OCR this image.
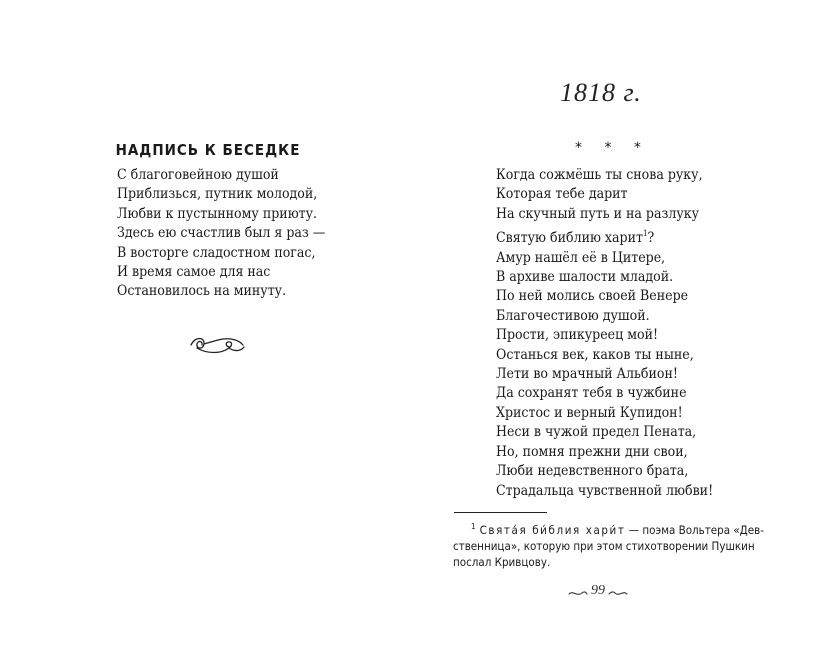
НАДПИСЬ К БЕСЕДКЕ
С благоговейною душой
Приблизься, путник молодой,
Любви к пустынному приюту.
Здесь ею счастлив был я раз —
В восторге сладостном погас,
И время самое для нас
Остановилось на минуту.
1818 г.
* * *
Когда сожмёшь ты снова руку,
Которая тебе дарит
На скучный путь и на разлуку
Святую библию харит$^1$?
Амур нашёл её в Цитере,
В архиве шалости младой.
По ней молись своей Венере
Благочестивою душой.
Прости, эпикуреец мой!
Останься век, каков ты ныне,
Лети во мрачный Альбион!
Да сохранят тебя в чужбине
Христос и верный Купидон!
Неси в чужой предел Пената,
Но, помня прежни дни свои,
Люби недевственного брата,
Страдальца чувственной любви!
$^1$ Свята́я би́блия хари́т — поэма Вольтера «Дев-
ственница», которую при этом стихотворении Пушкин
послал Кривцову.
99
